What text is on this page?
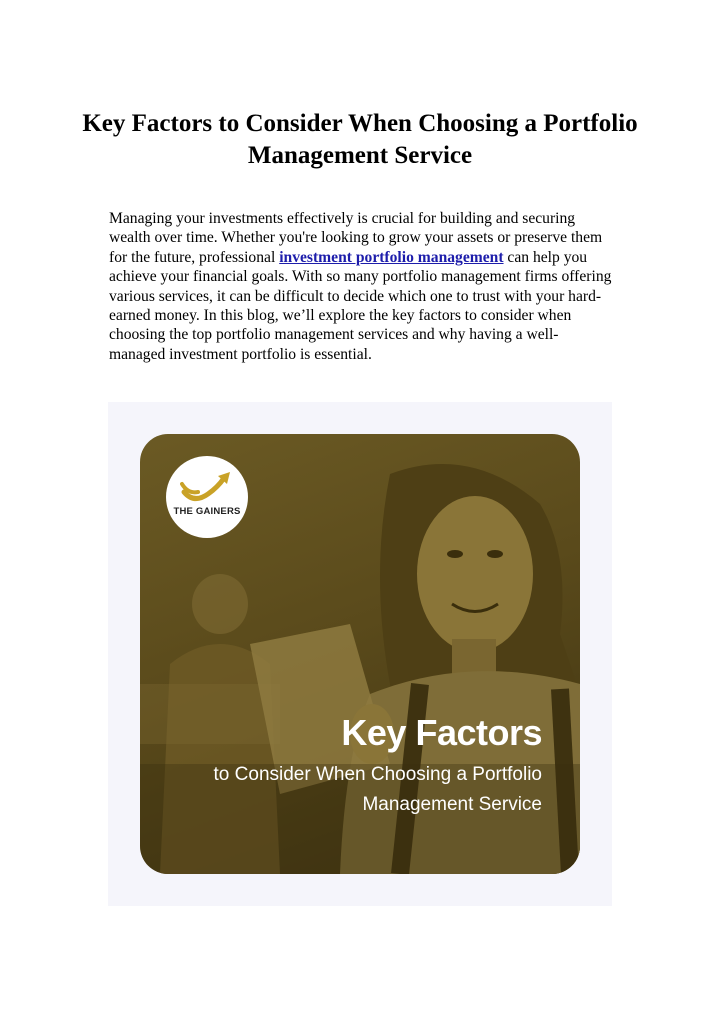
Key Factors to Consider When Choosing a Portfolio Management Service

Managing your investments effectively is crucial for building and securing wealth over time. Whether you're looking to grow your assets or preserve them for the future, professional investment portfolio management can help you achieve your financial goals. With so many portfolio management firms offering various services, it can be difficult to decide which one to trust with your hard-earned money. In this blog, we’ll explore the key factors to consider when choosing the top portfolio management services and why having a well-managed investment portfolio is essential.

THE GAINERS
Key Factors
to Consider When Choosing a Portfolio Management Service
